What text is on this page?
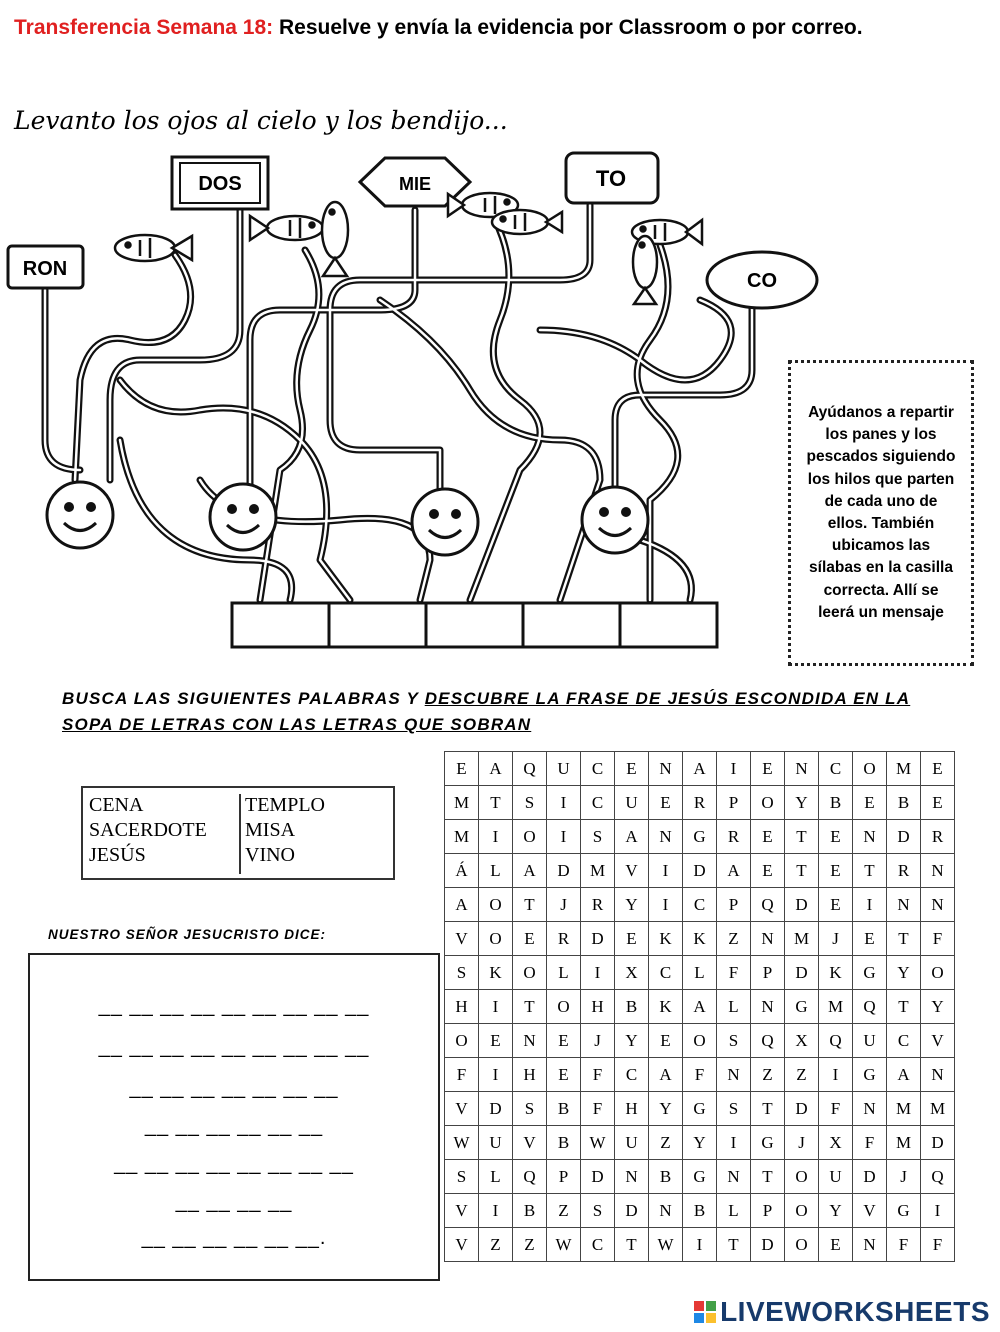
Transferencia Semana 18: Resuelve y envía la evidencia por Classroom o por correo.
Levanto los ojos al cielo y los bendijo...
RON
DOS	MIE	TO
CO
Ayúdanos a repartir los panes y los pescados siguiendo los hilos que parten de cada uno de ellos. También ubicamos las sílabas en la casilla correcta. Allí se leerá un mensaje
BUSCA LAS SIGUIENTES PALABRAS Y DESCUBRE LA FRASE DE JESÚS ESCONDIDA EN LA SOPA DE LETRAS CON LAS LETRAS QUE SOBRAN
CENA
SACERDOTE
JESÚS
TEMPLO
MISA
VINO
NUESTRO SEÑOR JESUCRISTO DICE:
__ __ __ __ __ __ __ __ __
__ __ __ __ __ __ __ __ __
__ __ __ __ __ __ __
__ __ __ __ __ __
__ __ __ __ __ __ __ __
__ __ __ __
__ __ __ __ __ __.
E	A	Q	U	C	E	N	A	I	E	N	C	O	M	E
M	T	S	I	C	U	E	R	P	O	Y	B	E	B	E
M	I	O	I	S	A	N	G	R	E	T	E	N	D	R
Á	L	A	D	M	V	I	D	A	E	T	E	T	R	N
A	O	T	J	R	Y	I	C	P	Q	D	E	I	N	N
V	O	E	R	D	E	K	K	Z	N	M	J	E	T	F
S	K	O	L	I	X	C	L	F	P	D	K	G	Y	O
H	I	T	O	H	B	K	A	L	N	G	M	Q	T	Y
O	E	N	E	J	Y	E	O	S	Q	X	Q	U	C	V
F	I	H	E	F	C	A	F	N	Z	Z	I	G	A	N
V	D	S	B	F	H	Y	G	S	T	D	F	N	M	M
W	U	V	B	W	U	Z	Y	I	G	J	X	F	M	D
S	L	Q	P	D	N	B	G	N	T	O	U	D	J	Q
V	I	B	Z	S	D	N	B	L	P	O	Y	V	G	I
V	Z	Z	W	C	T	W	I	T	D	O	E	N	F	F
LIVEWORKSHEETS
